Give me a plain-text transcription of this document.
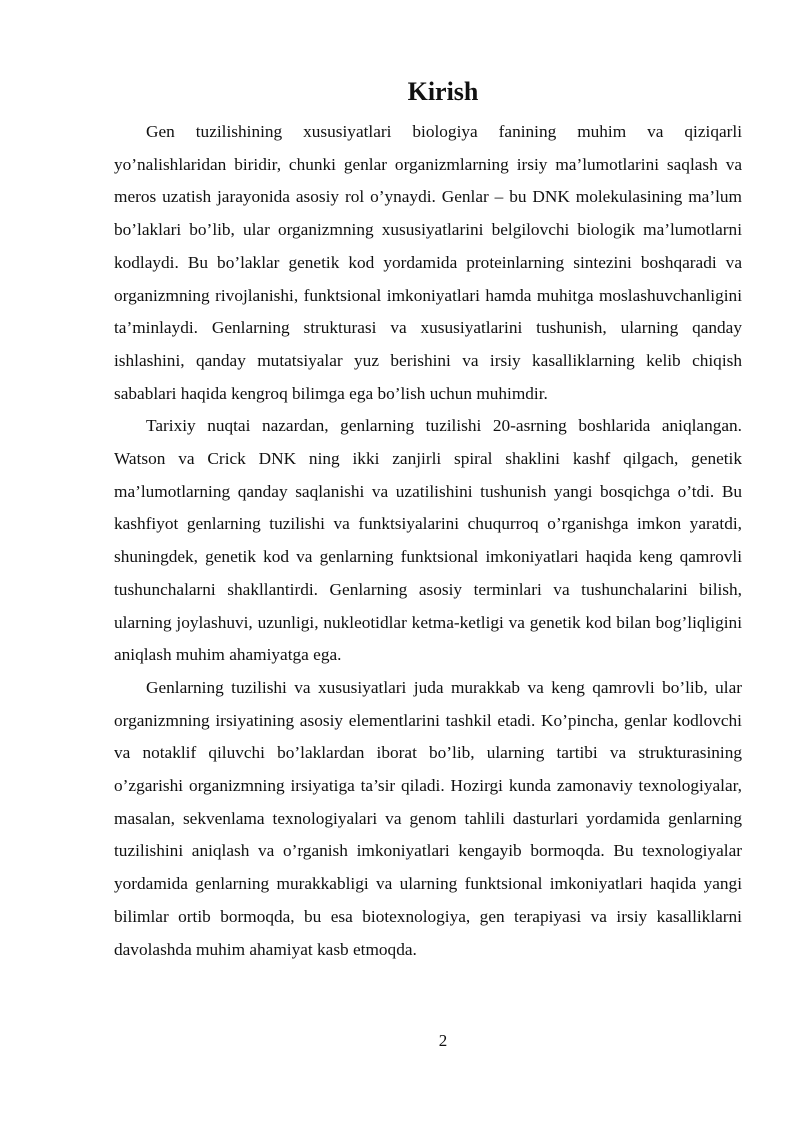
Kirish

Gen tuzilishining xususiyatlari biologiya fanining muhim va qiziqarli yo’nalishlaridan biridir, chunki genlar organizmlarning irsiy ma’lumotlarini saqlash va meros uzatish jarayonida asosiy rol o’ynaydi. Genlar – bu DNK molekulasining ma’lum bo’laklari bo’lib, ular organizmning xususiyatlarini belgilovchi biologik ma’lumotlarni kodlaydi. Bu bo’laklar genetik kod yordamida proteinlarning sintezini boshqaradi va organizmning rivojlanishi, funktsional imkoniyatlari hamda muhitga moslashuvchanligini ta’minlaydi. Genlarning strukturasi va xususiyatlarini tushunish, ularning qanday ishlashini, qanday mutatsiyalar yuz berishini va irsiy kasalliklarning kelib chiqish sabablari haqida kengroq bilimga ega bo’lish uchun muhimdir.

Tarixiy nuqtai nazardan, genlarning tuzilishi 20-asrning boshlarida aniqlangan. Watson va Crick DNK ning ikki zanjirli spiral shaklini kashf qilgach, genetik ma’lumotlarning qanday saqlanishi va uzatilishini tushunish yangi bosqichga o’tdi. Bu kashfiyot genlarning tuzilishi va funktsiyalarini chuqurroq o’rganishga imkon yaratdi, shuningdek, genetik kod va genlarning funktsional imkoniyatlari haqida keng qamrovli tushunchalarni shakllantirdi. Genlarning asosiy terminlari va tushunchalarini bilish, ularning joylashuvi, uzunligi, nukleotidlar ketma-ketligi va genetik kod bilan bog’liqligini aniqlash muhim ahamiyatga ega.

Genlarning tuzilishi va xususiyatlari juda murakkab va keng qamrovli bo’lib, ular organizmning irsiyatining asosiy elementlarini tashkil etadi. Ko’pincha, genlar kodlovchi va notaklif qiluvchi bo’laklardan iborat bo’lib, ularning tartibi va strukturasining o’zgarishi organizmning irsiyatiga ta’sir qiladi. Hozirgi kunda zamonaviy texnologiyalar, masalan, sekvenlama texnologiyalari va genom tahlili dasturlari yordamida genlarning tuzilishini aniqlash va o’rganish imkoniyatlari kengayib bormoqda. Bu texnologiyalar yordamida genlarning murakkabligi va ularning funktsional imkoniyatlari haqida yangi bilimlar ortib bormoqda, bu esa biotexnologiya, gen terapiyasi va irsiy kasalliklarni davolashda muhim ahamiyat kasb etmoqda.

2
